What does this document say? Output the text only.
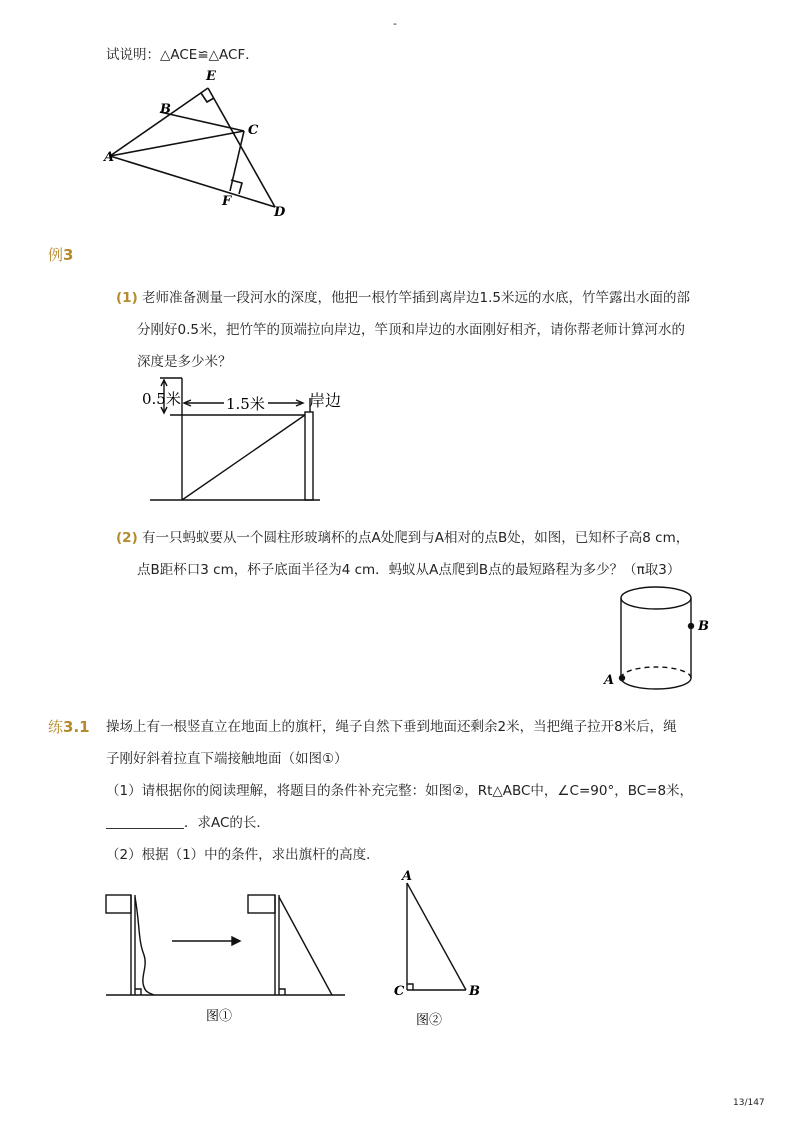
-
试说明：△ACE≌△ACF．
E
B
C
A
F
D
例3
(1) 老师准备测量一段河水的深度，他把一根竹竿插到离岸边1.5米远的水底，竹竿露出水面的部
分刚好0.5米，把竹竿的顶端拉向岸边，竿顶和岸边的水面刚好相齐，请你帮老师计算河水的
深度是多少米？
0.5米	1.5米	岸边
(2) 有一只蚂蚁要从一个圆柱形玻璃杯的点A处爬到与A相对的点B处，如图，已知杯子高8 cm，
点B距杯口3 cm，杯子底面半径为4 cm．蚂蚁从A点爬到B点的最短路程为多少？（π取3）
B
A
练3.1 操场上有一根竖直立在地面上的旗杆，绳子自然下垂到地面还剩余2米，当把绳子拉开8米后，绳
子刚好斜着拉直下端接触地面（如图①）
（1）请根据你的阅读理解，将题目的条件补充完整：如图②，Rt△ABC中，∠C=90°，BC=8米，
．求AC的长．
（2）根据（1）中的条件，求出旗杆的高度．
图①
A
C	B
图②
13/147
